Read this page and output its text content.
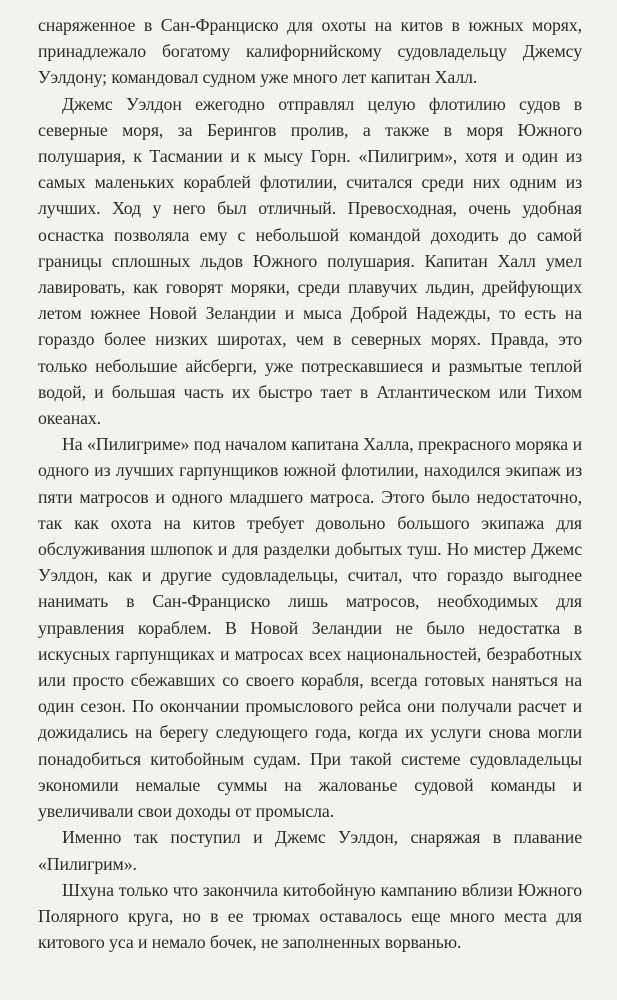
снаряженное в Сан-Франциско для охоты на китов в южных морях, принадлежало богатому калифорнийскому судовладельцу Джемсу Уэлдону; командовал судном уже много лет капитан Халл.

Джемс Уэлдон ежегодно отправлял целую флотилию судов в северные моря, за Берингов пролив, а также в моря Южного полушария, к Тасмании и к мысу Горн. «Пилигрим», хотя и один из самых маленьких кораблей флотилии, считался среди них одним из лучших. Ход у него был отличный. Превосходная, очень удобная оснастка позволяла ему с небольшой командой доходить до самой границы сплошных льдов Южного полушария. Капитан Халл умел лавировать, как говорят моряки, среди плавучих льдин, дрейфующих летом южнее Новой Зеландии и мыса Доброй Надежды, то есть на гораздо более низких широтах, чем в северных морях. Правда, это только небольшие айсберги, уже потрескавшиеся и размытые теплой водой, и большая часть их быстро тает в Атлантическом или Тихом океанах.

На «Пилигриме» под началом капитана Халла, прекрасного моряка и одного из лучших гарпунщиков южной флотилии, находился экипаж из пяти матросов и одного младшего матроса. Этого было недостаточно, так как охота на китов требует довольно большого экипажа для обслуживания шлюпок и для разделки добытых туш. Но мистер Джемс Уэлдон, как и другие судовладельцы, считал, что гораздо выгоднее нанимать в Сан-Франциско лишь матросов, необходимых для управления кораблем. В Новой Зеландии не было недостатка в искусных гарпунщиках и матросах всех национальностей, безработных или просто сбежавших со своего корабля, всегда готовых наняться на один сезон. По окончании промыслового рейса они получали расчет и дожидались на берегу следующего года, когда их услуги снова могли понадобиться китобойным судам. При такой системе судовладельцы экономили немалые суммы на жалованье судовой команды и увеличивали свои доходы от промысла.

Именно так поступил и Джемс Уэлдон, снаряжая в плавание «Пилигрим».

Шхуна только что закончила китобойную кампанию вблизи Южного Полярного круга, но в ее трюмах оставалось еще много места для китового уса и немало бочек, не заполненных ворванью.
